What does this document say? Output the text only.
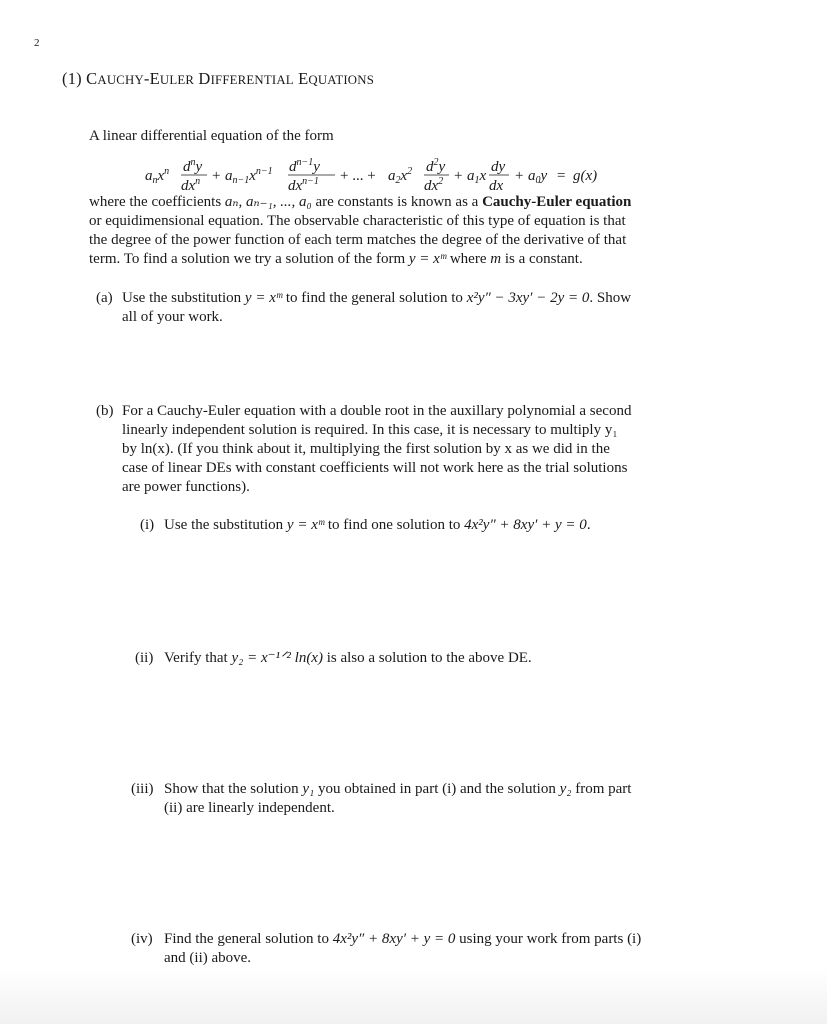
2
(1) CAUCHY-EULER DIFFERENTIAL EQUATIONS
A linear differential equation of the form
$a_nx^n$ $d^ny$
$dx^n + a_{n-1}x^{n-1}$ $d^{n-1}y$
$dx^{n-1}$ + ... + $a_2x^2$ $d^2y$
$dx^2 + a_1x$
dy
dx
+ $a_0y = g(x)$
where the coefficients aₙ, aₙ₋₁, ..., a₀ are constants is known as a Cauchy-Euler equation
or equidimensional equation. The observable characteristic of this type of equation is that
the degree of the power function of each term matches the degree of the derivative of that
term. To find a solution we try a solution of the form y = xᵐ where m is a constant.
(a) Use the substitution y = xᵐ to find the general solution to x²y″ − 3xy′ − 2y = 0. Show
all of your work.
(b) For a Cauchy-Euler equation with a double root in the auxillary polynomial a second
linearly independent solution is required. In this case, it is necessary to multiply y₁
by ln(x). (If you think about it, multiplying the first solution by x as we did in the
case of linear DEs with constant coefficients will not work here as the trial solutions
are power functions).
(i) Use the substitution y = xᵐ to find one solution to 4x²y″ + 8xy′ + y = 0.
(ii) Verify that y₂ = x⁻¹ᐟ² ln(x) is also a solution to the above DE.
(iii) Show that the solution y₁ you obtained in part (i) and the solution y₂ from part
(ii) are linearly independent.
(iv) Find the general solution to 4x²y″ + 8xy′ + y = 0 using your work from parts (i)
and (ii) above.
